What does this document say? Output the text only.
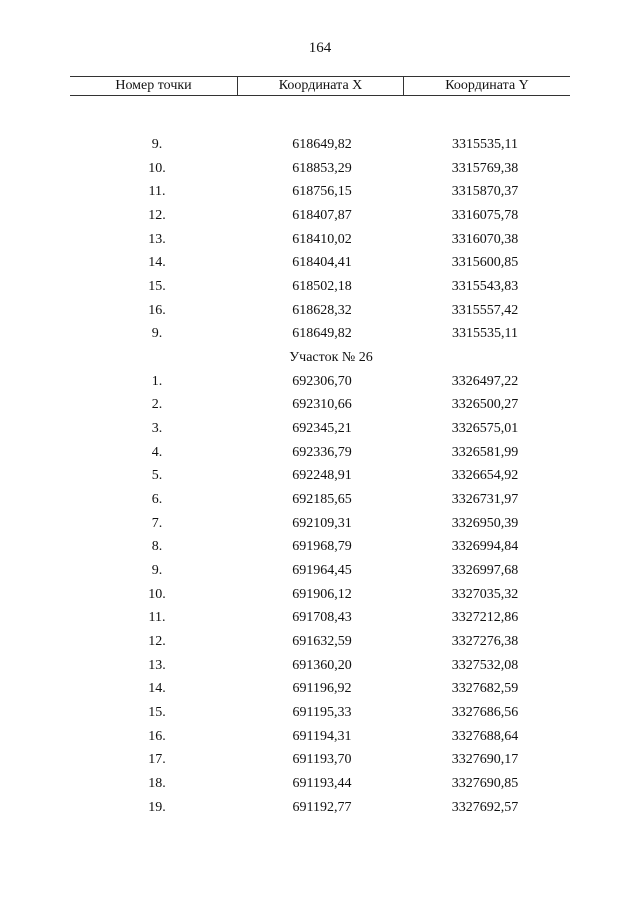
164
Номер точки	Координата X	Координата Y
9.	618649,82	3315535,11
10.	618853,29	3315769,38
11.	618756,15	3315870,37
12.	618407,87	3316075,78
13.	618410,02	3316070,38
14.	618404,41	3315600,85
15.	618502,18	3315543,83
16.	618628,32	3315557,42
9.	618649,82	3315535,11
Участок № 26
1.	692306,70	3326497,22
2.	692310,66	3326500,27
3.	692345,21	3326575,01
4.	692336,79	3326581,99
5.	692248,91	3326654,92
6.	692185,65	3326731,97
7.	692109,31	3326950,39
8.	691968,79	3326994,84
9.	691964,45	3326997,68
10.	691906,12	3327035,32
11.	691708,43	3327212,86
12.	691632,59	3327276,38
13.	691360,20	3327532,08
14.	691196,92	3327682,59
15.	691195,33	3327686,56
16.	691194,31	3327688,64
17.	691193,70	3327690,17
18.	691193,44	3327690,85
19.	691192,77	3327692,57
